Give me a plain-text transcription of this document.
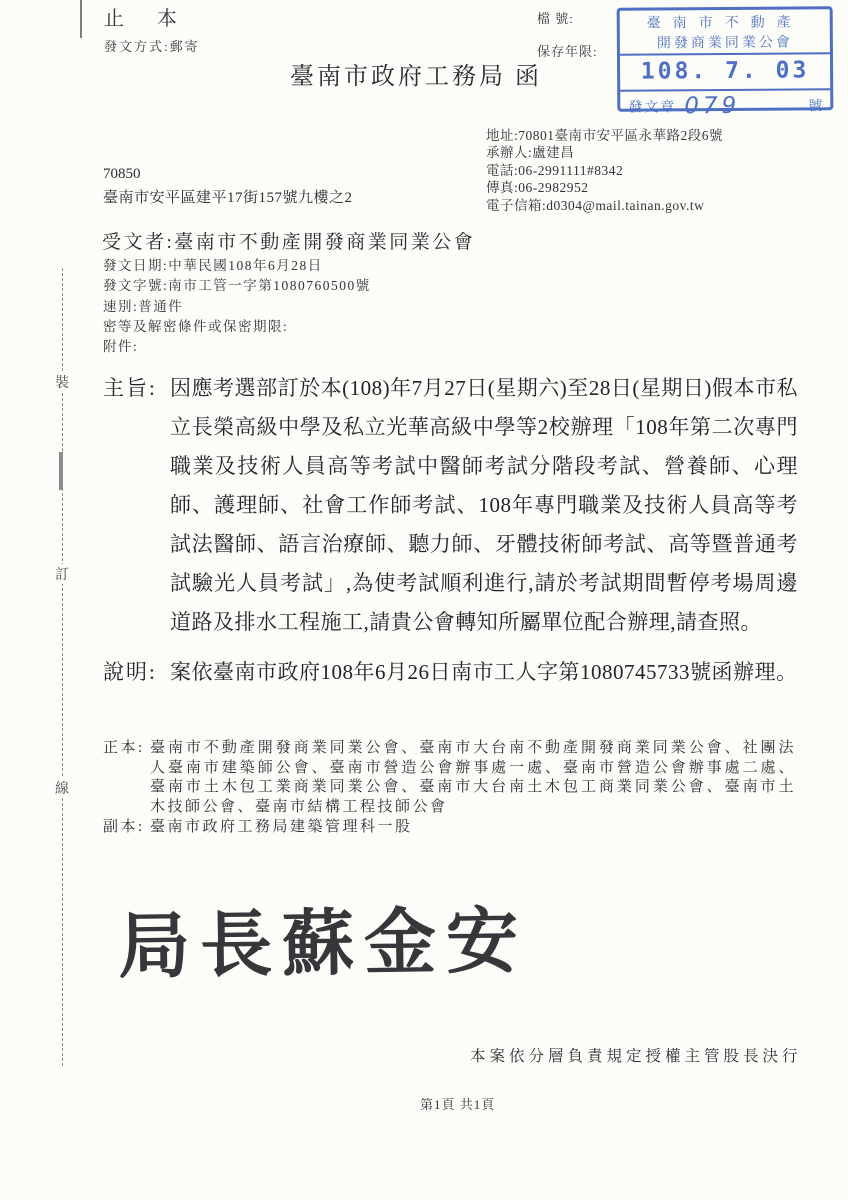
止 本
發文方式:郵寄
檔 號:
保存年限:
臺南市不動產
開發商業同業公會
108. 7. 03
發文章 079	號
臺南市政府工務局 函
地址:70801臺南市安平區永華路2段6號
承辦人:盧建昌
電話:06-2991111#8342
傳真:06-2982952
電子信箱:d0304@mail.tainan.gov.tw
70850
臺南市安平區建平17街157號九樓之2
受文者:臺南市不動產開發商業同業公會
發文日期:中華民國108年6月28日
發文字號:南市工管一字第1080760500號
速別:普通件
密等及解密條件或保密期限:
附件:
主旨: 因應考選部訂於本(108)年7月27日(星期六)至28日(星期日)假本市私立長榮高級中學及私立光華高級中學等2校辦理「108年第二次專門職業及技術人員高等考試中醫師考試分階段考試、營養師、心理師、護理師、社會工作師考試、108年專門職業及技術人員高等考試法醫師、語言治療師、聽力師、牙體技術師考試、高等暨普通考試驗光人員考試」,為使考試順利進行,請於考試期間暫停考場周邊道路及排水工程施工,請貴公會轉知所屬單位配合辦理,請查照。
說明: 案依臺南市政府108年6月26日南市工人字第1080745733號函辦理。
正本: 臺南市不動產開發商業同業公會、臺南市大台南不動產開發商業同業公會、社團法人臺南市建築師公會、臺南市營造公會辦事處一處、臺南市營造公會辦事處二處、臺南市土木包工業商業同業公會、臺南市大台南土木包工商業同業公會、臺南市土木技師公會、臺南市結構工程技師公會
副本: 臺南市政府工務局建築管理科一股
局長蘇金安
本案依分層負責規定授權主管股長決行
第1頁 共1頁
裝
訂
線
